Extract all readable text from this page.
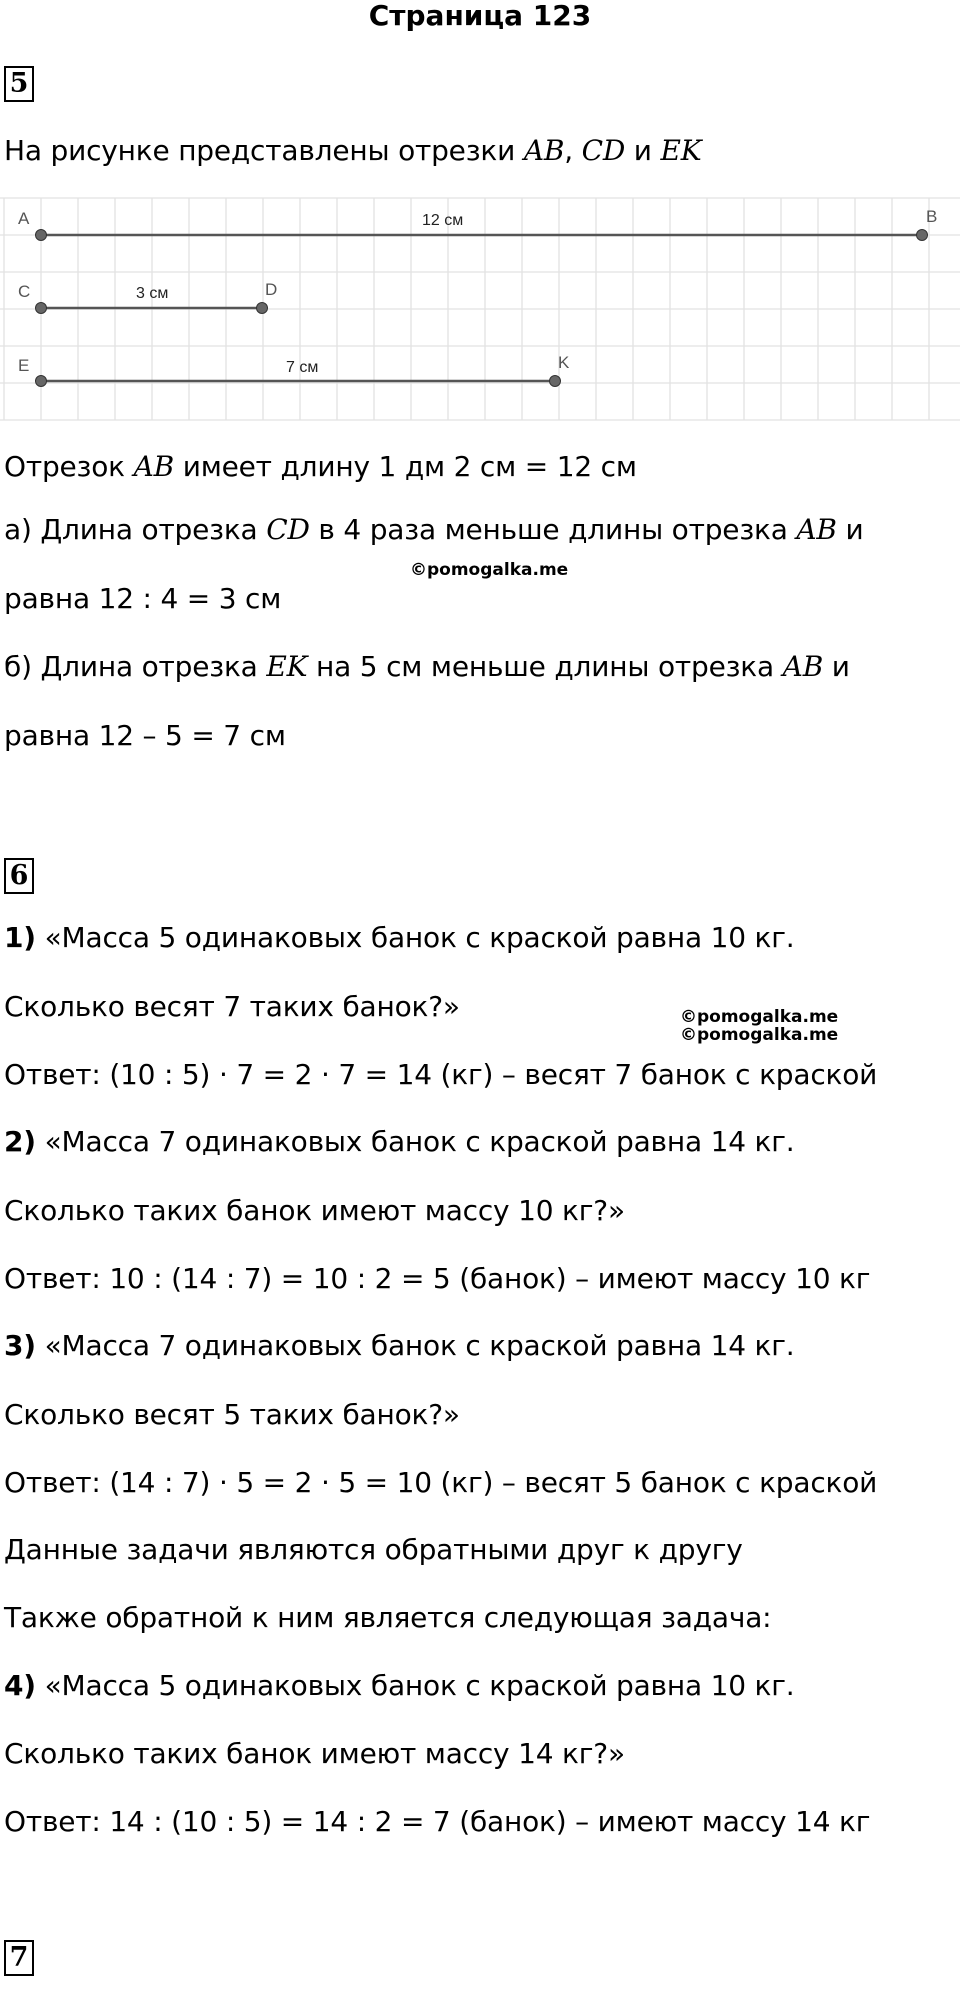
Страница 123
5
На рисунке представлены отрезки AB, CD и EK
A	B
12 см
C	D
3 см
E	K
7 см
Отрезок AB имеет длину 1 дм 2 см = 12 см
а) Длина отрезка CD в 4 раза меньше длины отрезка AB и
©pomogalka.me
равна 12 : 4 = 3 см
б) Длина отрезка EK на 5 см меньше длины отрезка AB и
равна 12 – 5 = 7 см
6
1) «Масса 5 одинаковых банок с краской равна 10 кг.
Сколько весят 7 таких банок?»	©pomogalka.me
©pomogalka.me
Ответ: (10 : 5) · 7 = 2 · 7 = 14 (кг) – весят 7 банок с краской
2) «Масса 7 одинаковых банок с краской равна 14 кг.
Сколько таких банок имеют массу 10 кг?»
Ответ: 10 : (14 : 7) = 10 : 2 = 5 (банок) – имеют массу 10 кг
3) «Масса 7 одинаковых банок с краской равна 14 кг.
Сколько весят 5 таких банок?»
Ответ: (14 : 7) · 5 = 2 · 5 = 10 (кг) – весят 5 банок с краской
Данные задачи являются обратными друг к другу
Также обратной к ним является следующая задача:
4) «Масса 5 одинаковых банок с краской равна 10 кг.
Сколько таких банок имеют массу 14 кг?»
Ответ: 14 : (10 : 5) = 14 : 2 = 7 (банок) – имеют массу 14 кг
7
